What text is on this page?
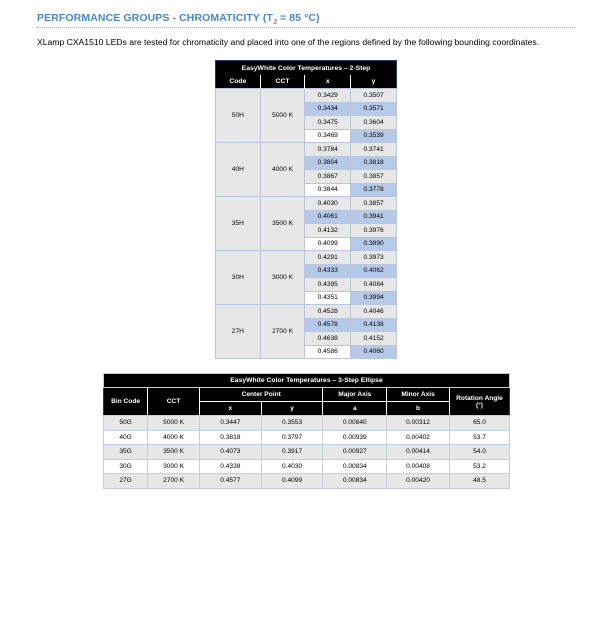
PERFORMANCE GROUPS - CHROMATICITY ($T_J = 85$ °C)
XLamp CXA1510 LEDs are tested for chromaticity and placed into one of the regions defined by the following bounding coordinates.
EasyWhite Color Temperatures – 2-Step			
Code	CCT	x	y
50H	5000 K	0.3429	0.3507
		0.3434	0.3571
		0.3475	0.3604
		0.3469	0.3539
40H	4000 K	0.3784	0.3741
		0.3804	0.3818
		0.3867	0.3857
		0.3844	0.3778
35H	3500 K	0.4030	0.3857
		0.4061	0.3941
		0.4132	0.3976
		0.4099	0.3890
30H	3000 K	0.4291	0.3973
		0.4333	0.4062
		0.4395	0.4084
		0.4351	0.3994
27H	2700 K	0.4528	0.4046
		0.4578	0.4138
		0.4638	0.4152
		0.4586	0.4060
EasyWhite Color Temperatures – 3-Step Ellipse						
Bin Code	CCT	Center Point		Major Axis	Minor Axis	Rotation Angle
(°)
		x	y	a	b	
50G	5000 K	0.3447	0.3553	0.00840	0.00312	65.0
40G	4000 K	0.3818	0.3797	0.00939	0.00402	53.7
35G	3500 K	0.4073	0.3917	0.00927	0.00414	54.0
30G	3000 K	0.4338	0.4030	0.00834	0.00408	53.2
27G	2700 K	0.4577	0.4099	0.00834	0.00420	48.5
